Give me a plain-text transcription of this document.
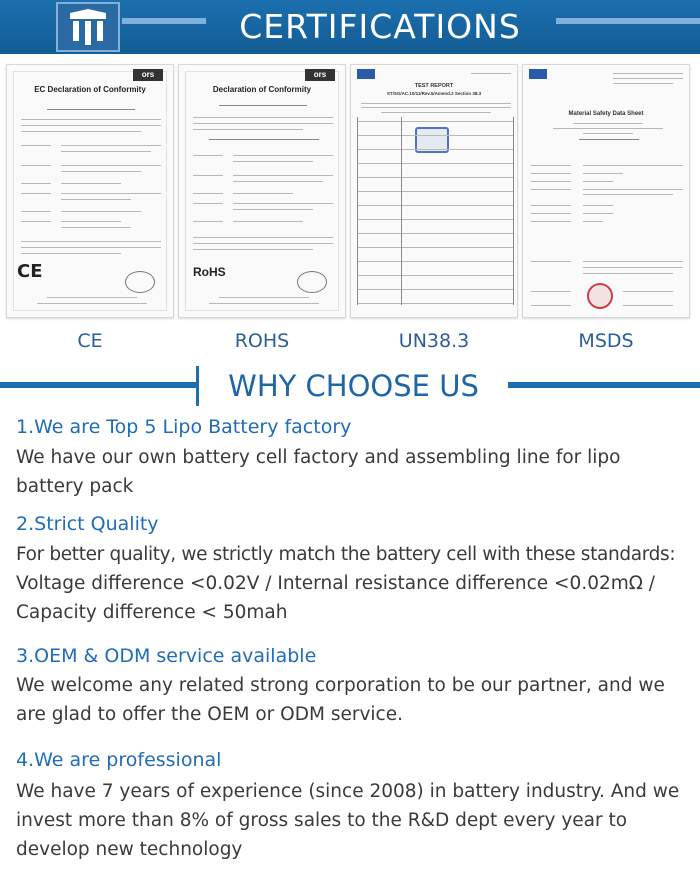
CERTIFICATIONS
ors
EC Declaration of Conformity
CE
CE
ors
Declaration of Conformity
RoHS
ROHS
TEST REPORT
ST/SG/AC.10/11/Rev.5/Amend.2 Section 38.3
UN38.3
Material Safety Data Sheet
MSDS
WHY CHOOSE US
1.We are Top 5 Lipo Battery factory
We have our own battery cell factory and assembling line for lipo
battery pack
2.Strict Quality
For better quality, we strictly match the battery cell with these standards:
Voltage difference <0.02V / Internal resistance difference <0.02mΩ /
Capacity difference < 50mah
3.OEM & ODM service available
We welcome any related strong corporation to be our partner, and we
are glad to offer the OEM or ODM service.
4.We are professional
We have 7 years of experience (since 2008) in battery industry. And we
invest more than 8% of gross sales to the R&D dept every year to
develop new technology
